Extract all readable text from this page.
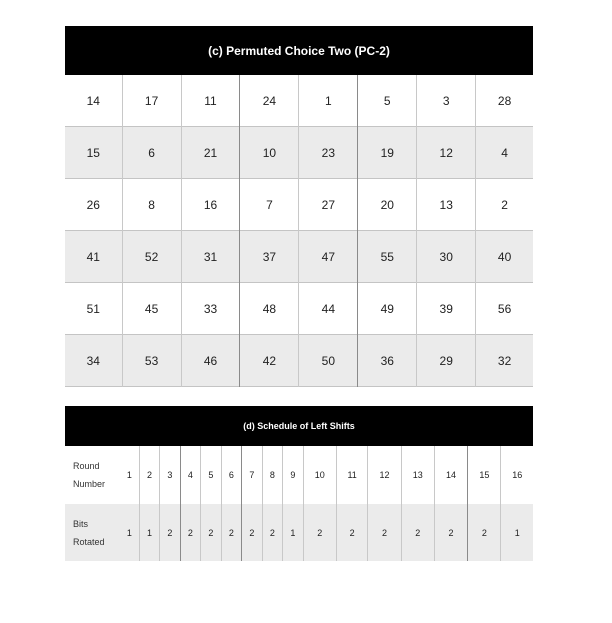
(c) Permuted Choice Two (PC-2)							
14	17	11	24	1	5	3	28
15	6	21	10	23	19	12	4
26	8	16	7	27	20	13	2
41	52	31	37	47	55	30	40
51	45	33	48	44	49	39	56
34	53	46	42	50	36	29	32
(d) Schedule of Left Shifts																
Round
Number	1	2	3	4	5	6	7	8	9	10	11	12	13	14	15	16
Bits
Rotated	1	1	2	2	2	2	2	2	1	2	2	2	2	2	2	1
